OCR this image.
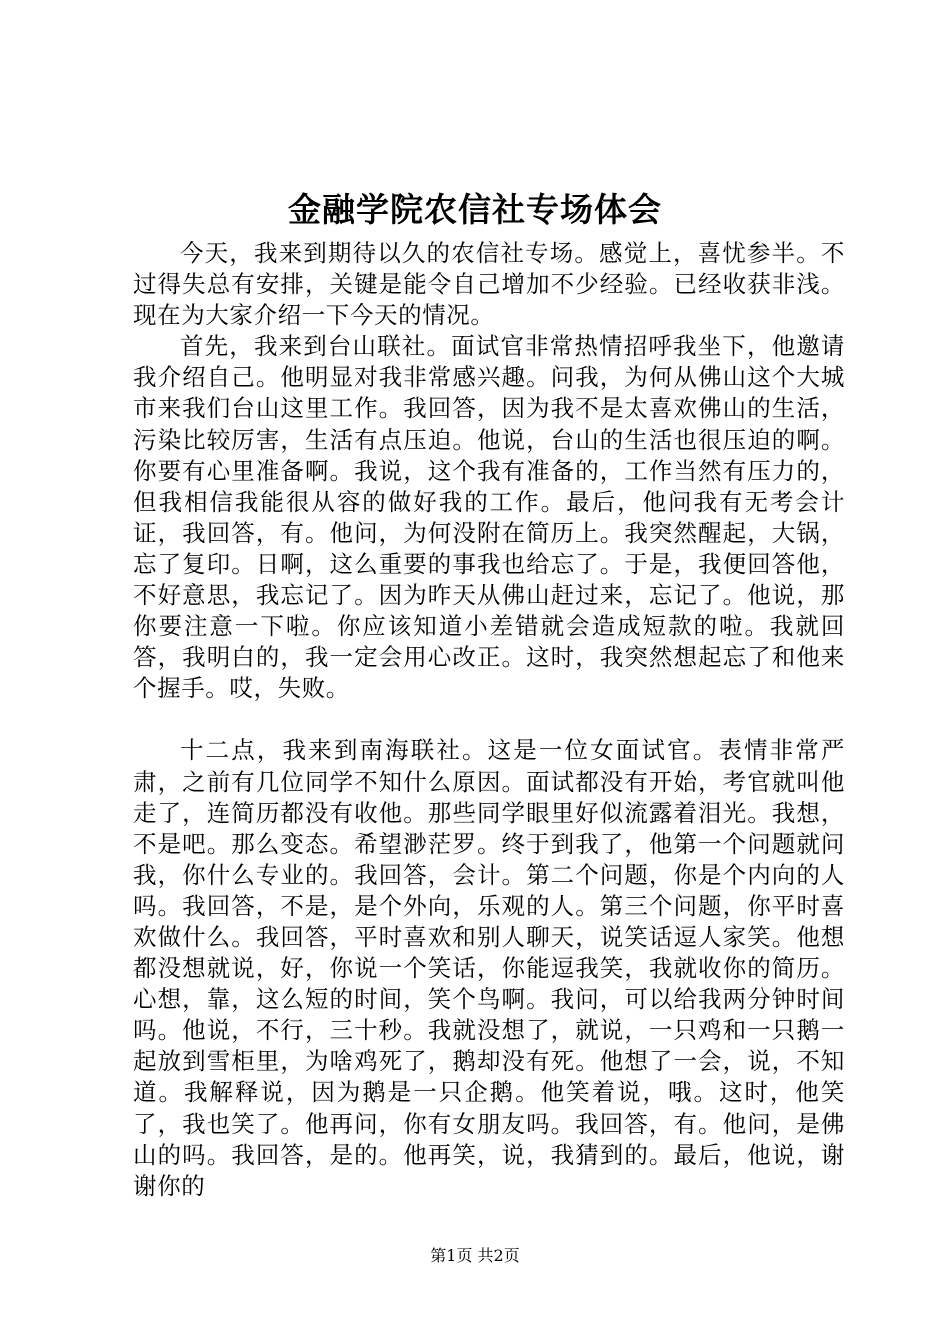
金融学院农信社专场体会

今天，我来到期待以久的农信社专场。感觉上，喜忧参半。不过得失总有安排，关键是能令自己增加不少经验。已经收获非浅。现在为大家介绍一下今天的情况。

首先，我来到台山联社。面试官非常热情招呼我坐下，他邀请我介绍自己。他明显对我非常感兴趣。问我，为何从佛山这个大城市来我们台山这里工作。我回答，因为我不是太喜欢佛山的生活，污染比较厉害，生活有点压迫。他说，台山的生活也很压迫的啊。你要有心里准备啊。我说，这个我有准备的，工作当然有压力的，但我相信我能很从容的做好我的工作。最后，他问我有无考会计证，我回答，有。他问，为何没附在简历上。我突然醒起，大锅，忘了复印。日啊，这么重要的事我也给忘了。于是，我便回答他，不好意思，我忘记了。因为昨天从佛山赶过来，忘记了。他说，那你要注意一下啦。你应该知道小差错就会造成短款的啦。我就回答，我明白的，我一定会用心改正。这时，我突然想起忘了和他来个握手。哎，失败。

十二点，我来到南海联社。这是一位女面试官。表情非常严肃，之前有几位同学不知什么原因。面试都没有开始，考官就叫他走了，连简历都没有收他。那些同学眼里好似流露着泪光。我想，不是吧。那么变态。希望渺茫罗。终于到我了，他第一个问题就问我，你什么专业的。我回答，会计。第二个问题，你是个内向的人吗。我回答，不是，是个外向，乐观的人。第三个问题，你平时喜欢做什么。我回答，平时喜欢和别人聊天，说笑话逗人家笑。他想都没想就说，好，你说一个笑话，你能逗我笑，我就收你的简历。心想，靠，这么短的时间，笑个鸟啊。我问，可以给我两分钟时间吗。他说，不行，三十秒。我就没想了，就说，一只鸡和一只鹅一起放到雪柜里，为啥鸡死了，鹅却没有死。他想了一会，说，不知道。我解释说，因为鹅是一只企鹅。他笑着说，哦。这时，他笑了，我也笑了。他再问，你有女朋友吗。我回答，有。他问，是佛山的吗。我回答，是的。他再笑，说，我猜到的。最后，他说，谢谢你的

第1页 共2页
